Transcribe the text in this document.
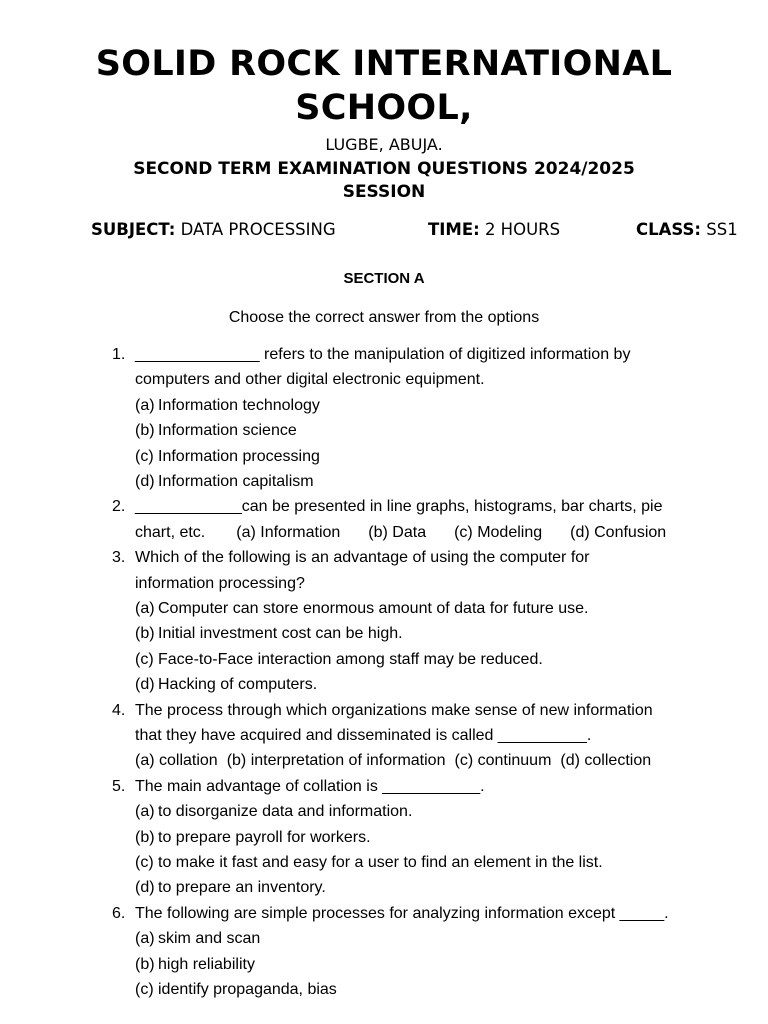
SOLID ROCK INTERNATIONAL SCHOOL,
LUGBE, ABUJA.
SECOND TERM EXAMINATION QUESTIONS 2024/2025 SESSION
SUBJECT: DATA PROCESSING	TIME: 2 HOURS	CLASS: SS1
SECTION A
Choose the correct answer from the options
1. ______________ refers to the manipulation of digitized information by
computers and other digital electronic equipment.
(a) Information technology
(b) Information science
(c) Information processing
(d) Information capitalism
2. ____________can be presented in line graphs, histograms, bar charts, pie
chart, etc. (a) Information (b) Data (c) Modeling (d) Confusion
3. Which of the following is an advantage of using the computer for
information processing?
(a) Computer can store enormous amount of data for future use.
(b) Initial investment cost can be high.
(c) Face-to-Face interaction among staff may be reduced.
(d) Hacking of computers.
4. The process through which organizations make sense of new information
that they have acquired and disseminated is called __________.
(a) collation (b) interpretation of information (c) continuum (d) collection
5. The main advantage of collation is ___________.
(a) to disorganize data and information.
(b) to prepare payroll for workers.
(c) to make it fast and easy for a user to find an element in the list.
(d) to prepare an inventory.
6. The following are simple processes for analyzing information except _____.
(a) skim and scan
(b) high reliability
(c) identify propaganda, bias
